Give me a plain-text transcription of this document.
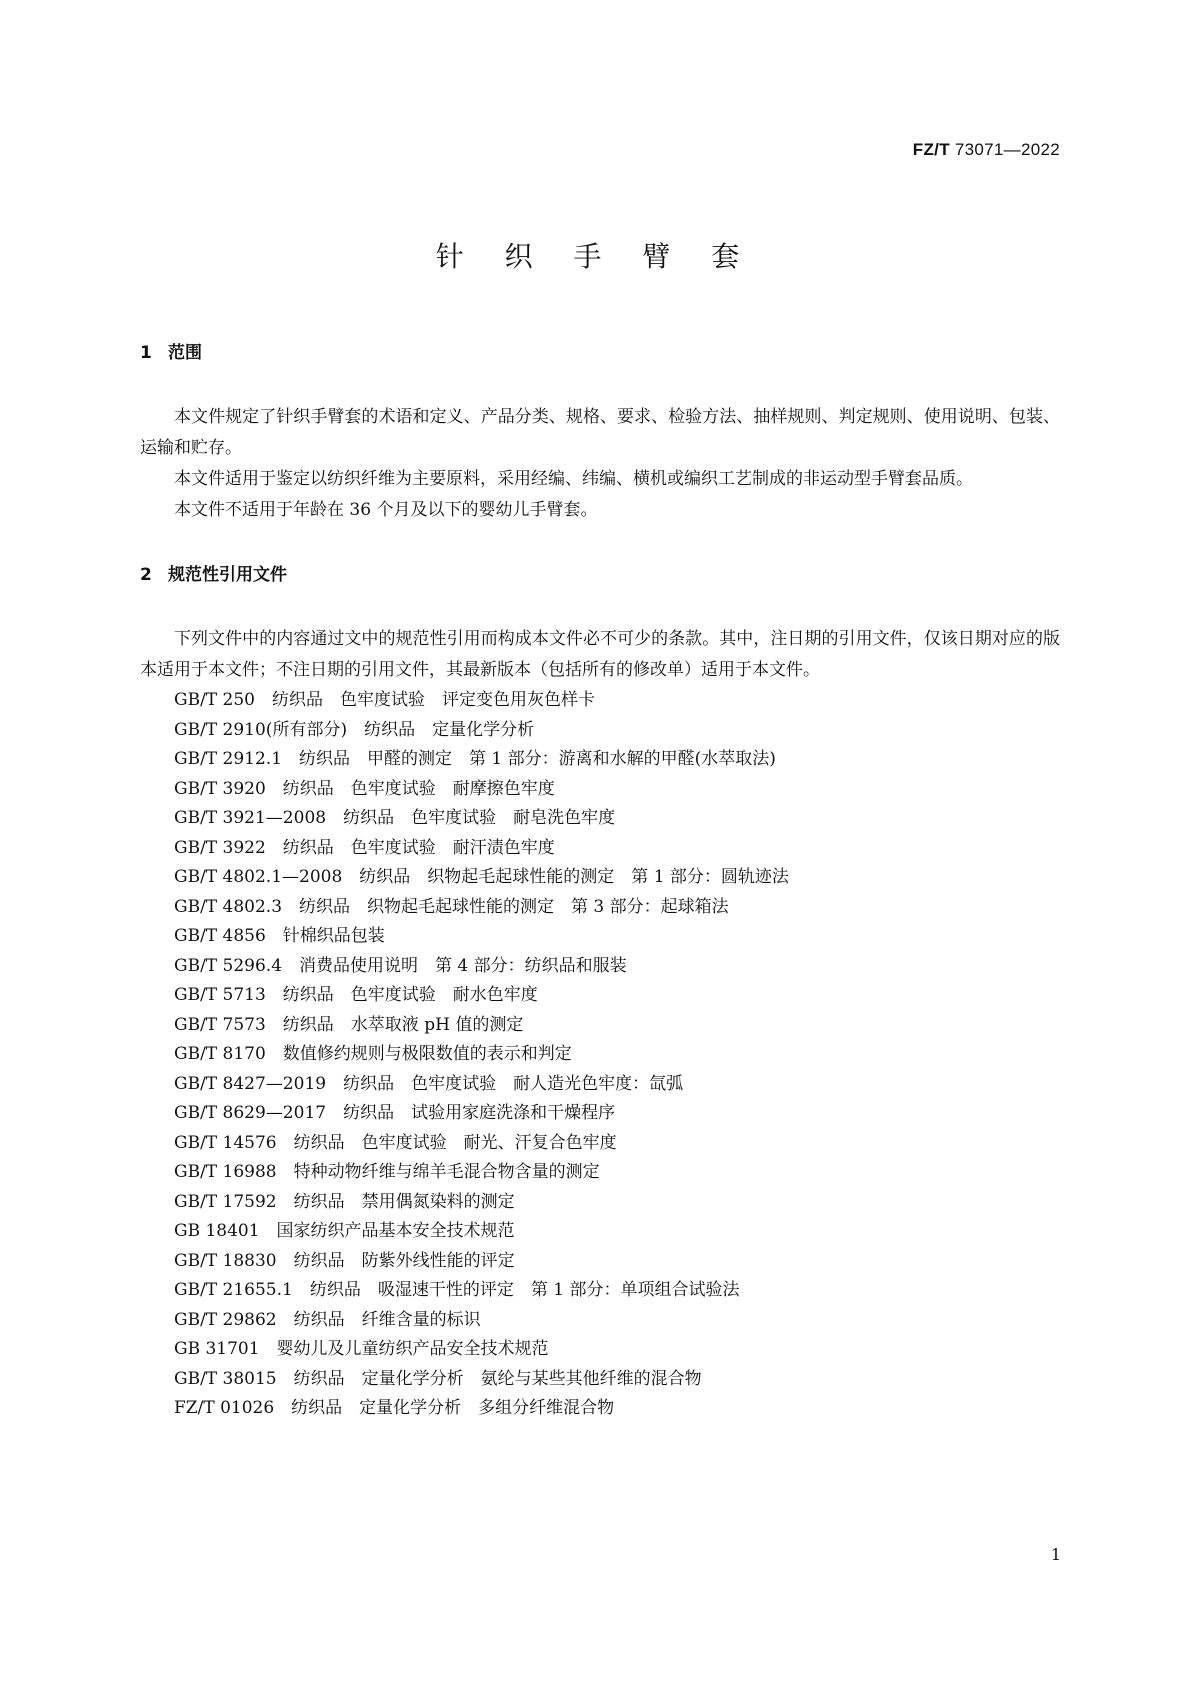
FZ/T 73071—2022
针 织 手 臂 套
1 范围
本文件规定了针织手臂套的术语和定义、产品分类、规格、要求、检验方法、抽样规则、判定规则、使用说明、包装、运输和贮存。
本文件适用于鉴定以纺织纤维为主要原料，采用经编、纬编、横机或编织工艺制成的非运动型手臂套品质。
本文件不适用于年龄在 36 个月及以下的婴幼儿手臂套。
2 规范性引用文件
下列文件中的内容通过文中的规范性引用而构成本文件必不可少的条款。其中，注日期的引用文件，仅该日期对应的版本适用于本文件；不注日期的引用文件，其最新版本（包括所有的修改单）适用于本文件。
GB/T 250　纺织品　色牢度试验　评定变色用灰色样卡
GB/T 2910(所有部分)　纺织品　定量化学分析
GB/T 2912.1　纺织品　甲醛的测定　第 1 部分：游离和水解的甲醛(水萃取法)
GB/T 3920　纺织品　色牢度试验　耐摩擦色牢度
GB/T 3921—2008　纺织品　色牢度试验　耐皂洗色牢度
GB/T 3922　纺织品　色牢度试验　耐汗渍色牢度
GB/T 4802.1—2008　纺织品　织物起毛起球性能的测定　第 1 部分：圆轨迹法
GB/T 4802.3　纺织品　织物起毛起球性能的测定　第 3 部分：起球箱法
GB/T 4856　针棉织品包装
GB/T 5296.4　消费品使用说明　第 4 部分：纺织品和服装
GB/T 5713　纺织品　色牢度试验　耐水色牢度
GB/T 7573　纺织品　水萃取液 pH 值的测定
GB/T 8170　数值修约规则与极限数值的表示和判定
GB/T 8427—2019　纺织品　色牢度试验　耐人造光色牢度：氙弧
GB/T 8629—2017　纺织品　试验用家庭洗涤和干燥程序
GB/T 14576　纺织品　色牢度试验　耐光、汗复合色牢度
GB/T 16988　特种动物纤维与绵羊毛混合物含量的测定
GB/T 17592　纺织品　禁用偶氮染料的测定
GB 18401　国家纺织产品基本安全技术规范
GB/T 18830　纺织品　防紫外线性能的评定
GB/T 21655.1　纺织品　吸湿速干性的评定　第 1 部分：单项组合试验法
GB/T 29862　纺织品　纤维含量的标识
GB 31701　婴幼儿及儿童纺织产品安全技术规范
GB/T 38015　纺织品　定量化学分析　氨纶与某些其他纤维的混合物
FZ/T 01026　纺织品　定量化学分析　多组分纤维混合物
1
